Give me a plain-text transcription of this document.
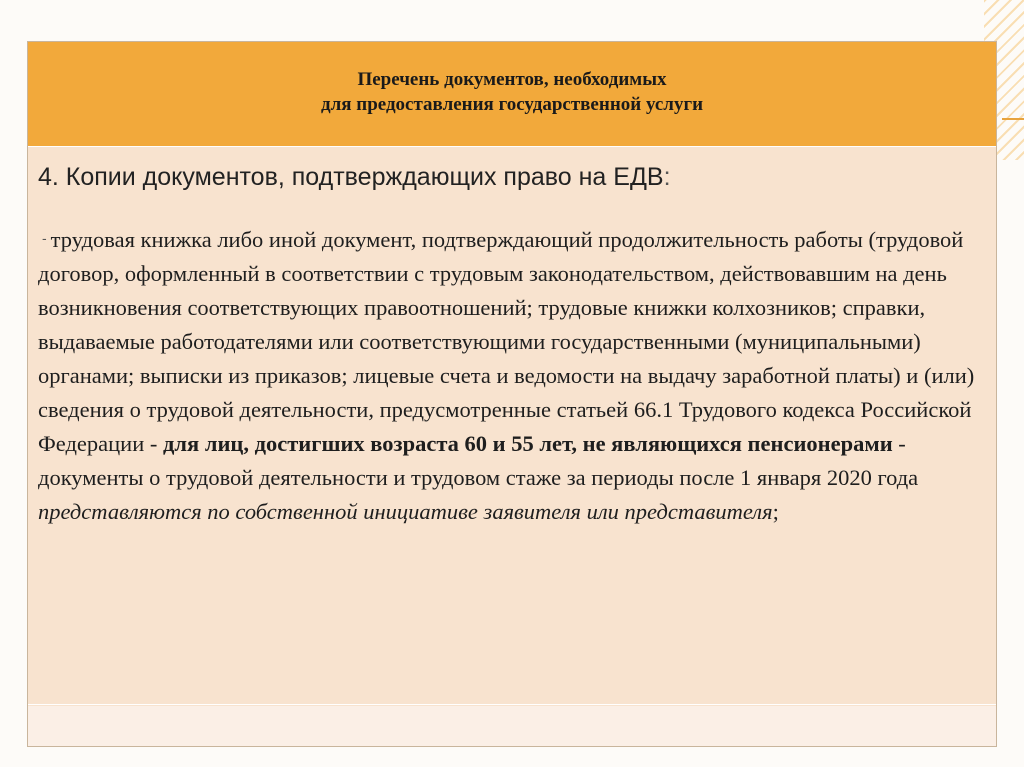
Перечень документов, необходимых
для предоставления государственной услуги

4. Копии документов, подтверждающих право на ЕДВ:

- трудовая книжка либо иной документ, подтверждающий продолжительность работы (трудовой договор, оформленный в соответствии с трудовым законодательством, действовавшим на день возникновения соответствующих правоотношений; трудовые книжки колхозников; справки, выдаваемые работодателями или соответствующими государственными (муниципальными) органами; выписки из приказов; лицевые счета и ведомости на выдачу заработной платы) и (или) сведения о трудовой деятельности, предусмотренные статьей 66.1 Трудового кодекса Российской Федерации - для лиц, достигших возраста 60 и 55 лет, не являющихся пенсионерами - документы о трудовой деятельности и трудовом стаже за периоды после 1 января 2020 года представляются по собственной инициативе заявителя или представителя;
